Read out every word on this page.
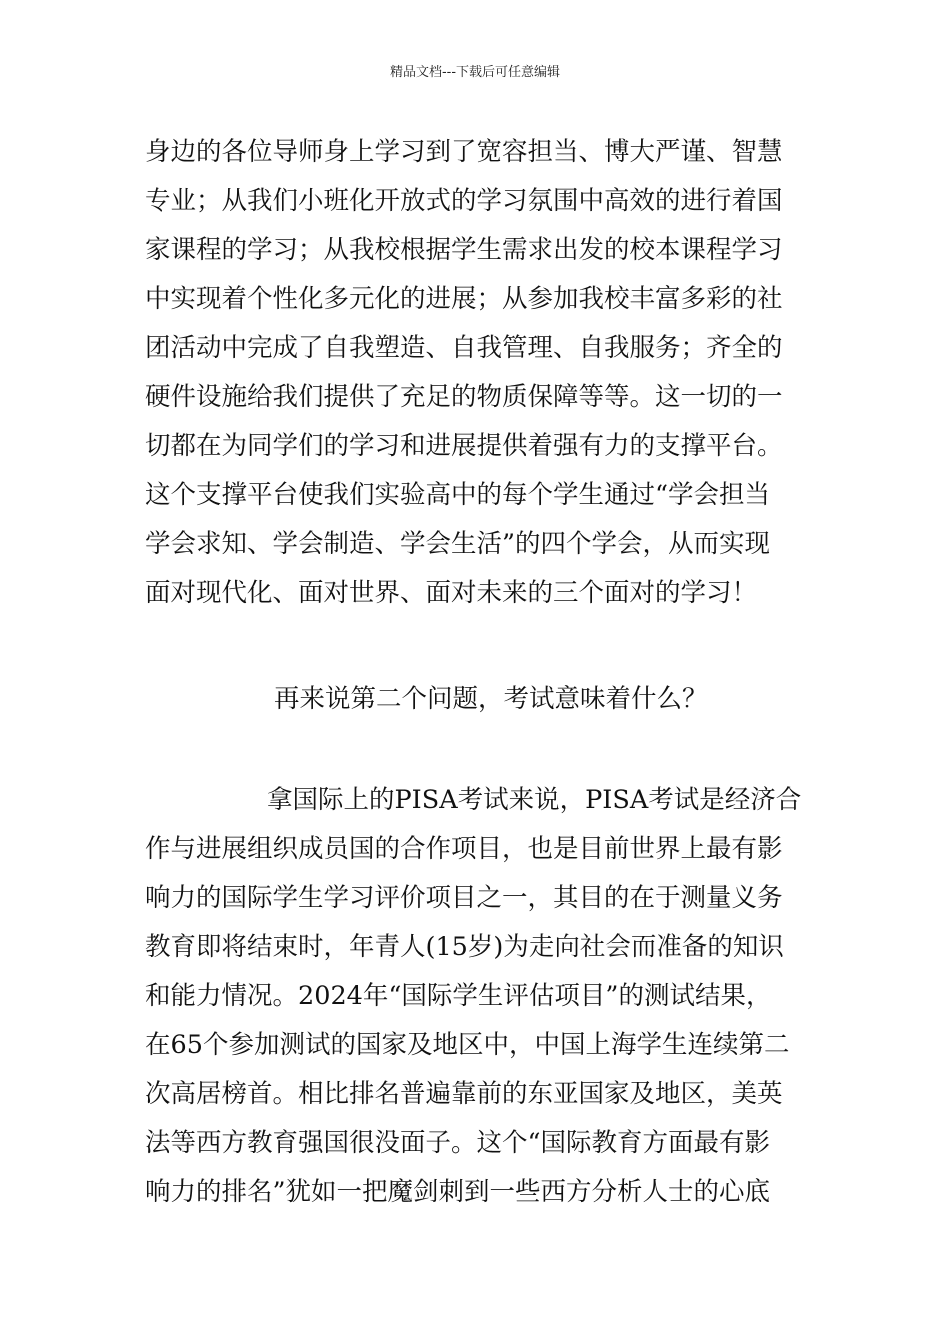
精品文档---下载后可任意编辑
身边的各位导师身上学习到了宽容担当、博大严谨、智慧
专业；从我们小班化开放式的学习氛围中高效的进行着国
家课程的学习；从我校根据学生需求出发的校本课程学习
中实现着个性化多元化的进展；从参加我校丰富多彩的社
团活动中完成了自我塑造、自我管理、自我服务；齐全的
硬件设施给我们提供了充足的物质保障等等。这一切的一
切都在为同学们的学习和进展提供着强有力的支撑平台。
这个支撑平台使我们实验高中的每个学生通过“学会担当
学会求知、学会制造、学会生活”的四个学会，从而实现
面对现代化、面对世界、面对未来的三个面对的学习！
再来说第二个问题，考试意味着什么？
拿国际上的PISA考试来说，PISA考试是经济合
作与进展组织成员国的合作项目，也是目前世界上最有影
响力的国际学生学习评价项目之一，其目的在于测量义务
教育即将结束时，年青人(15岁)为走向社会而准备的知识
和能力情况。2024年“国际学生评估项目”的测试结果，
在65个参加测试的国家及地区中，中国上海学生连续第二
次高居榜首。相比排名普遍靠前的东亚国家及地区，美英
法等西方教育强国很没面子。这个“国际教育方面最有影
响力的排名”犹如一把魔剑刺到一些西方分析人士的心底
